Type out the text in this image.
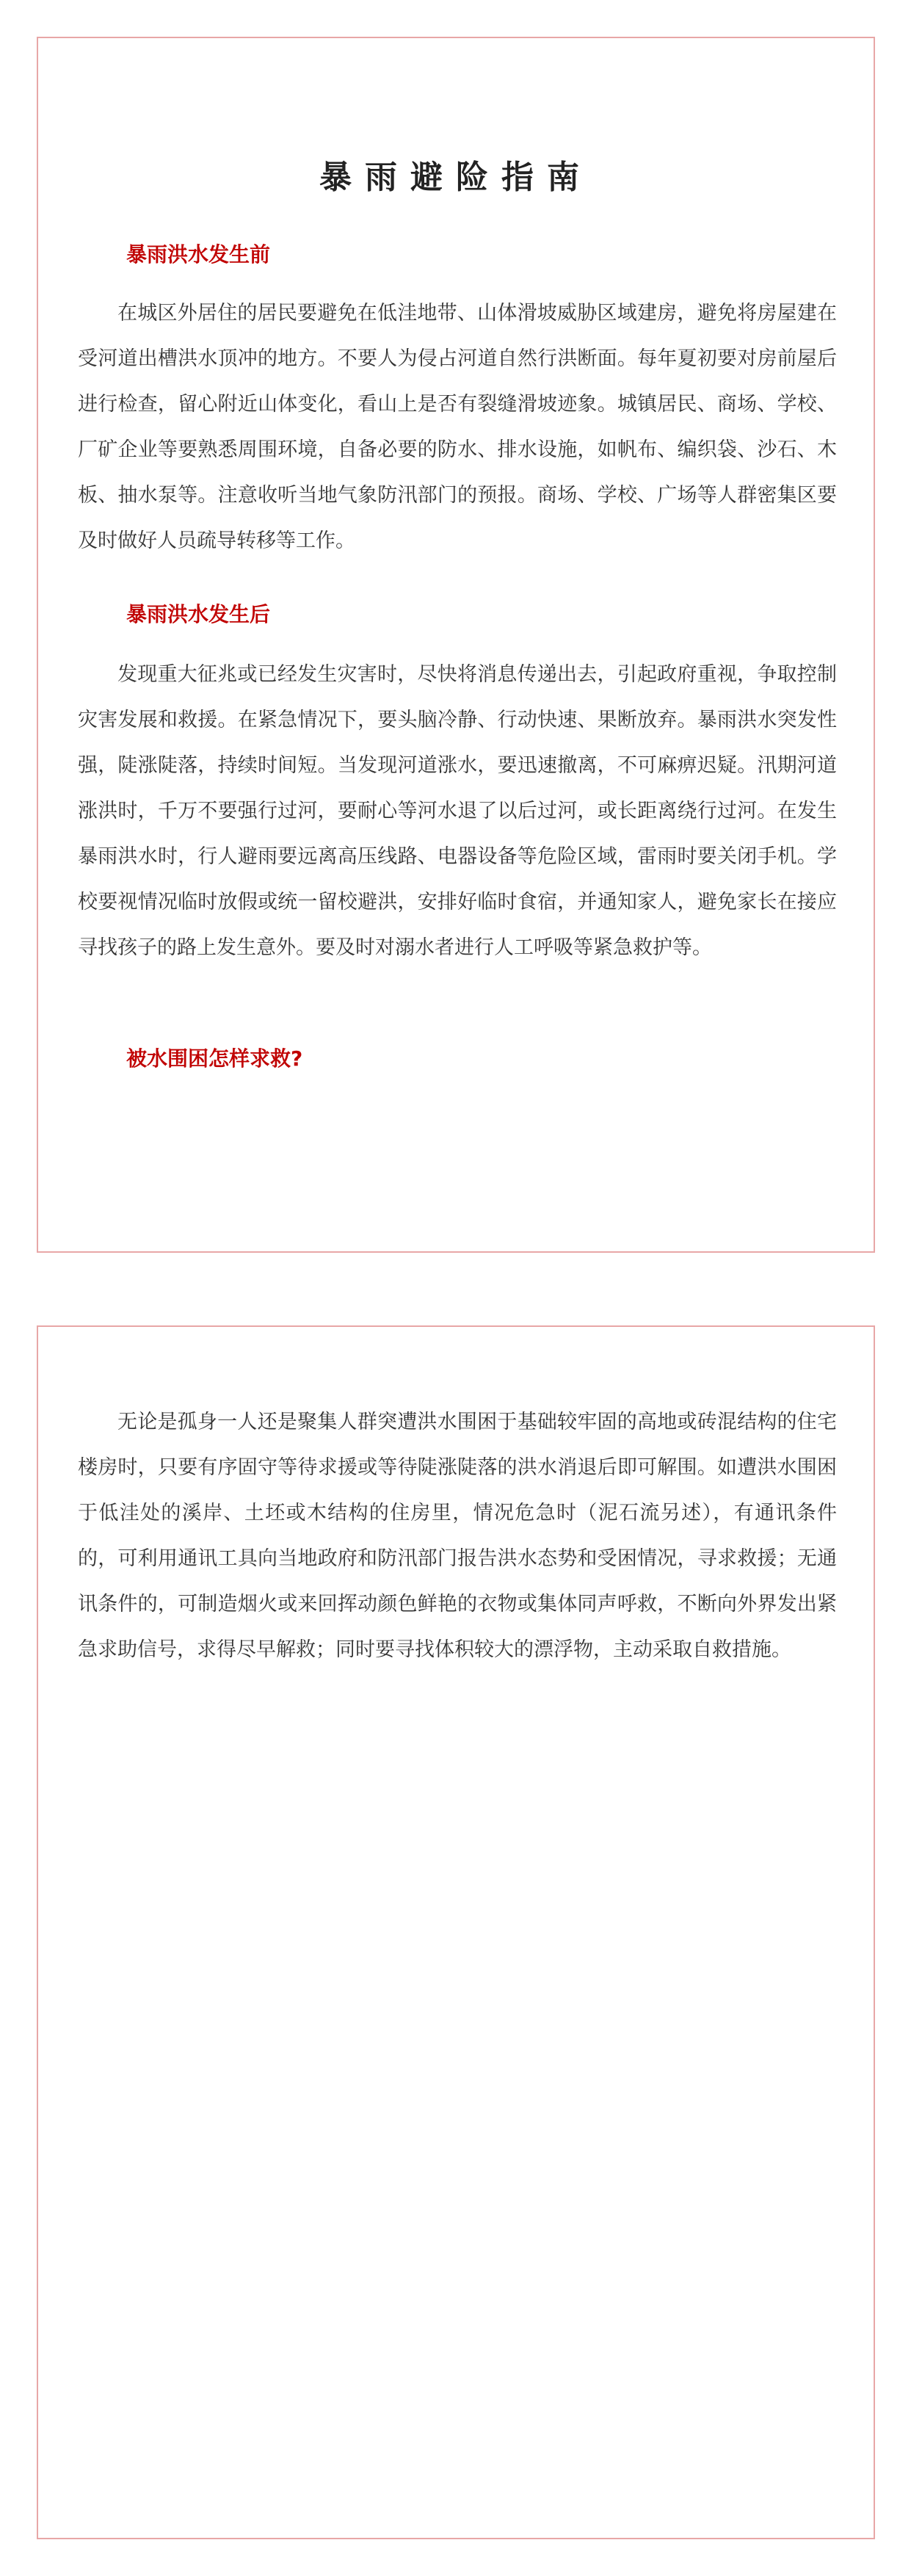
暴雨避险指南
暴雨洪水发生前

在城区外居住的居民要避免在低洼地带、山体滑坡威胁区域建房，避免将房屋建在受河道出槽洪水顶冲的地方。不要人为侵占河道自然行洪断面。每年夏初要对房前屋后进行检查，留心附近山体变化，看山上是否有裂缝滑坡迹象。城镇居民、商场、学校、厂矿企业等要熟悉周围环境，自备必要的防水、排水设施，如帆布、编织袋、沙石、木板、抽水泵等。注意收听当地气象防汛部门的预报。商场、学校、广场等人群密集区要及时做好人员疏导转移等工作。

暴雨洪水发生后

发现重大征兆或已经发生灾害时，尽快将消息传递出去，引起政府重视，争取控制灾害发展和救援。在紧急情况下，要头脑冷静、行动快速、果断放弃。暴雨洪水突发性强，陡涨陡落，持续时间短。当发现河道涨水，要迅速撤离，不可麻痹迟疑。汛期河道涨洪时，千万不要强行过河，要耐心等河水退了以后过河，或长距离绕行过河。在发生暴雨洪水时，行人避雨要远离高压线路、电器设备等危险区域，雷雨时要关闭手机。学校要视情况临时放假或统一留校避洪，安排好临时食宿，并通知家人，避免家长在接应寻找孩子的路上发生意外。要及时对溺水者进行人工呼吸等紧急救护等。

被水围困怎样求救?

无论是孤身一人还是聚集人群突遭洪水围困于基础较牢固的高地或砖混结构的住宅楼房时，只要有序固守等待求援或等待陡涨陡落的洪水消退后即可解围。如遭洪水围困于低洼处的溪岸、土坯或木结构的住房里，情况危急时（泥石流另述），有通讯条件的，可利用通讯工具向当地政府和防汛部门报告洪水态势和受困情况，寻求救援；无通讯条件的，可制造烟火或来回挥动颜色鲜艳的衣物或集体同声呼救，不断向外界发出紧急求助信号，求得尽早解救；同时要寻找体积较大的漂浮物，主动采取自救措施。
